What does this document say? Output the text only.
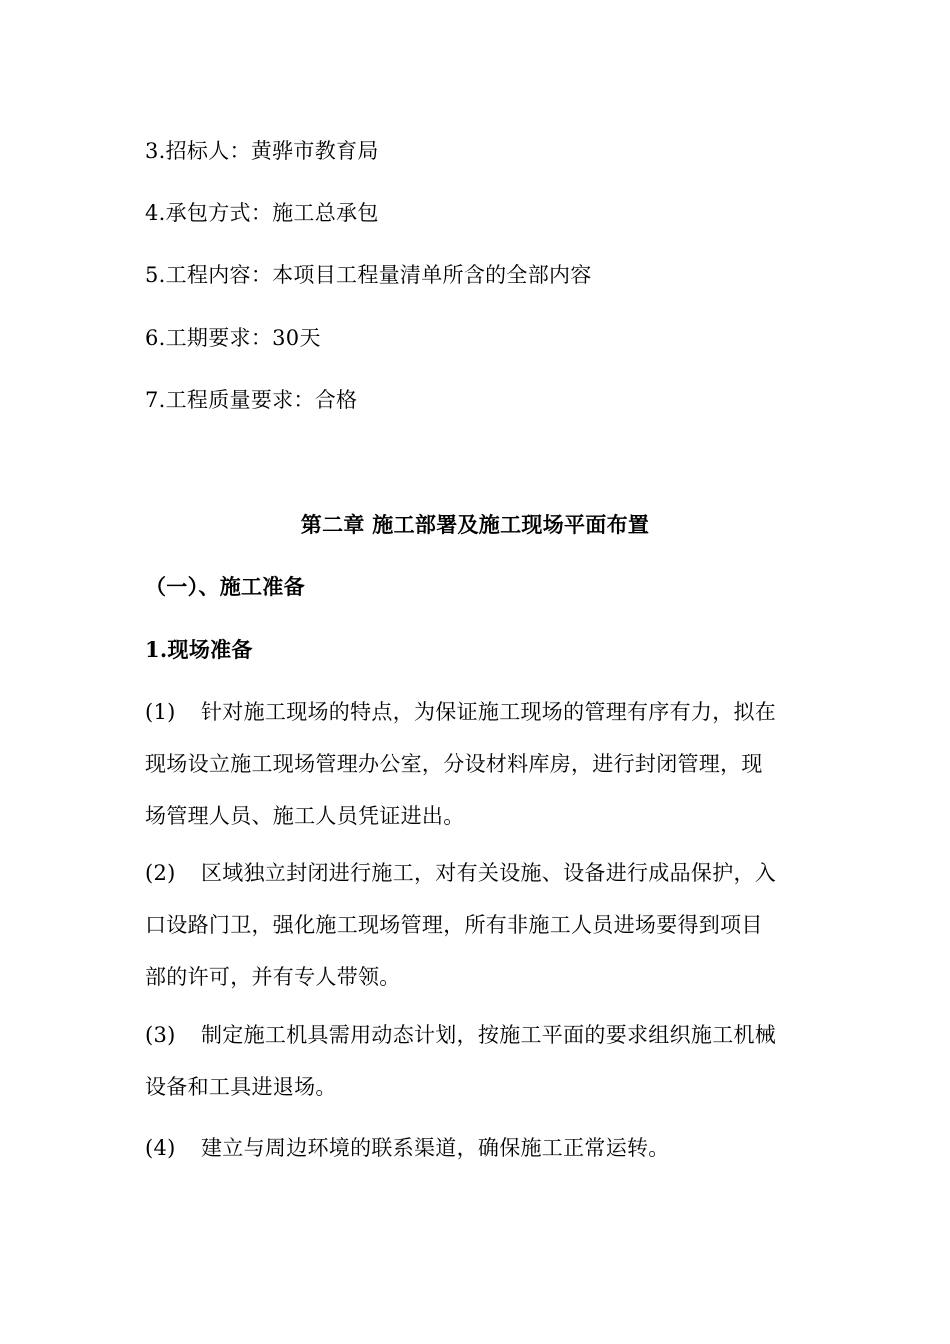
3.招标人：黄骅市教育局
4.承包方式：施工总承包
5.工程内容：本项目工程量清单所含的全部内容
6.工期要求：30天
7.工程质量要求：合格
第二章 施工部署及施工现场平面布置
（一）、施工准备
1.现场准备
(1) 针对施工现场的特点，为保证施工现场的管理有序有力，拟在
现场设立施工现场管理办公室，分设材料库房，进行封闭管理，现
场管理人员、施工人员凭证进出。
(2) 区域独立封闭进行施工，对有关设施、设备进行成品保护，入
口设路门卫，强化施工现场管理，所有非施工人员进场要得到项目
部的许可，并有专人带领。
(3) 制定施工机具需用动态计划，按施工平面的要求组织施工机械
设备和工具进退场。
(4) 建立与周边环境的联系渠道，确保施工正常运转。
